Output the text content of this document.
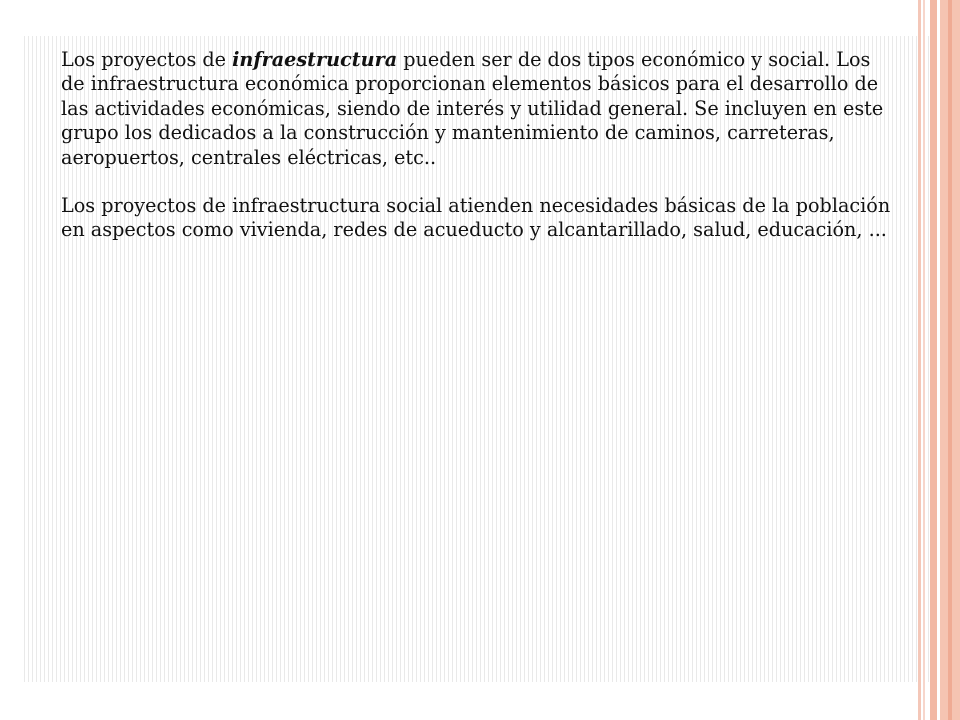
Los proyectos de infraestructura pueden ser de dos tipos económico y social. Los de infraestructura económica proporcionan elementos básicos para el desarrollo de las actividades económicas, siendo de interés y utilidad general. Se incluyen en este grupo los dedicados a la construcción y mantenimiento de caminos, carreteras, aeropuertos, centrales eléctricas, etc..

Los proyectos de infraestructura social atienden necesidades básicas de la población en aspectos como vivienda, redes de acueducto y alcantarillado, salud, educación, ...
